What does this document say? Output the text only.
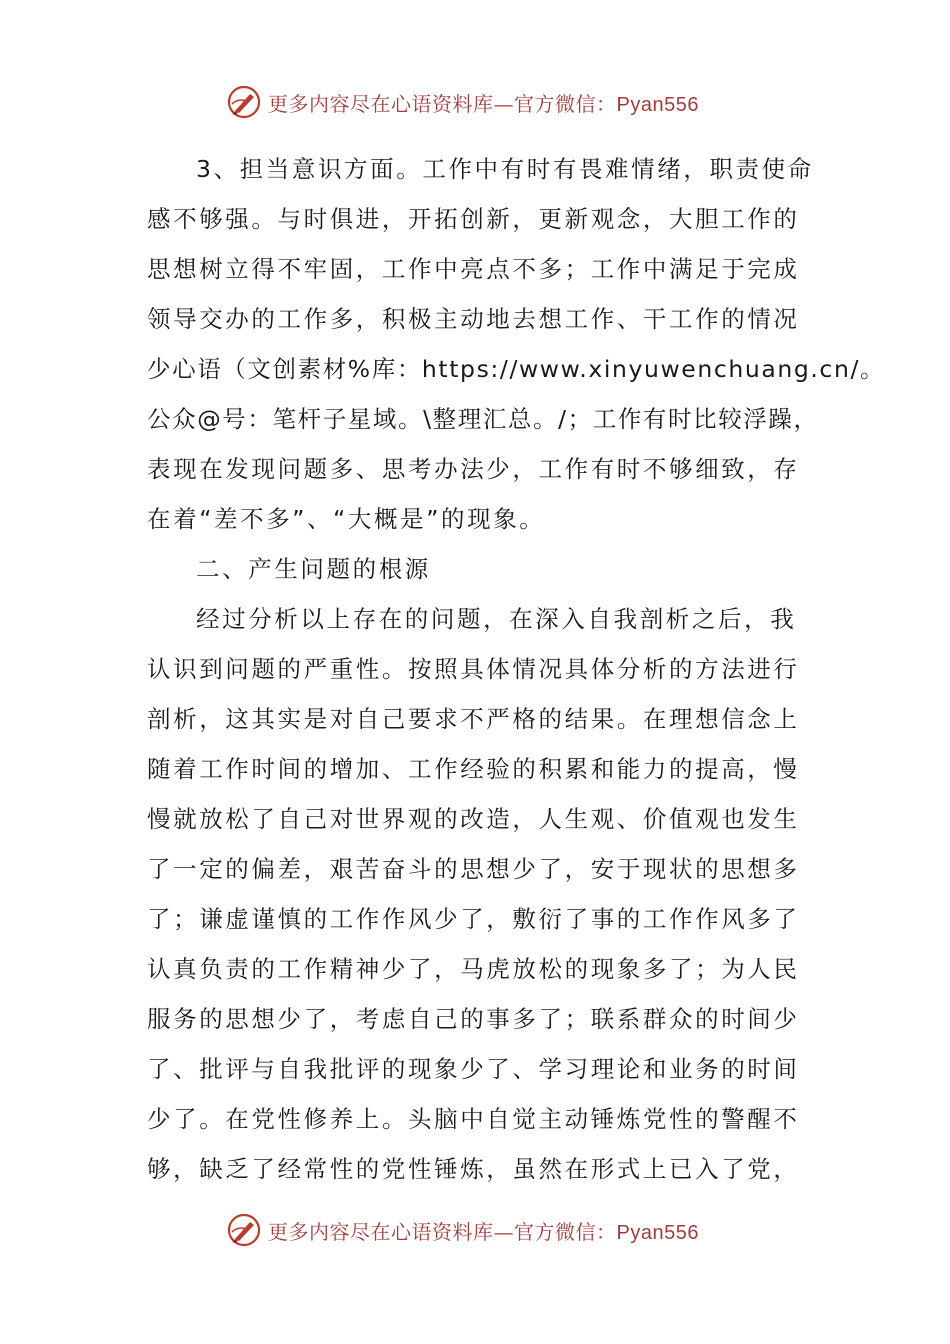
更多内容尽在心语资料库—官方微信：Pyan556
3、担当意识方面。工作中有时有畏难情绪，职责使命
感不够强。与时俱进，开拓创新，更新观念，大胆工作的
思想树立得不牢固，工作中亮点不多；工作中满足于完成
领导交办的工作多，积极主动地去想工作、干工作的情况
少心语（文创素材%库：https://www.xinyuwenchuang.cn/。
公众@号：笔杆子星域。\整理汇总。/；工作有时比较浮躁，
表现在发现问题多、思考办法少，工作有时不够细致，存
在着“差不多”、“大概是”的现象。
二、产生问题的根源
经过分析以上存在的问题，在深入自我剖析之后，我
认识到问题的严重性。按照具体情况具体分析的方法进行
剖析，这其实是对自己要求不严格的结果。在理想信念上
随着工作时间的增加、工作经验的积累和能力的提高，慢
慢就放松了自己对世界观的改造，人生观、价值观也发生
了一定的偏差，艰苦奋斗的思想少了，安于现状的思想多
了；谦虚谨慎的工作作风少了，敷衍了事的工作作风多了
认真负责的工作精神少了，马虎放松的现象多了；为人民
服务的思想少了，考虑自己的事多了；联系群众的时间少
了、批评与自我批评的现象少了、学习理论和业务的时间
少了。在党性修养上。头脑中自觉主动锤炼党性的警醒不
够，缺乏了经常性的党性锤炼，虽然在形式上已入了党，
更多内容尽在心语资料库—官方微信：Pyan556
